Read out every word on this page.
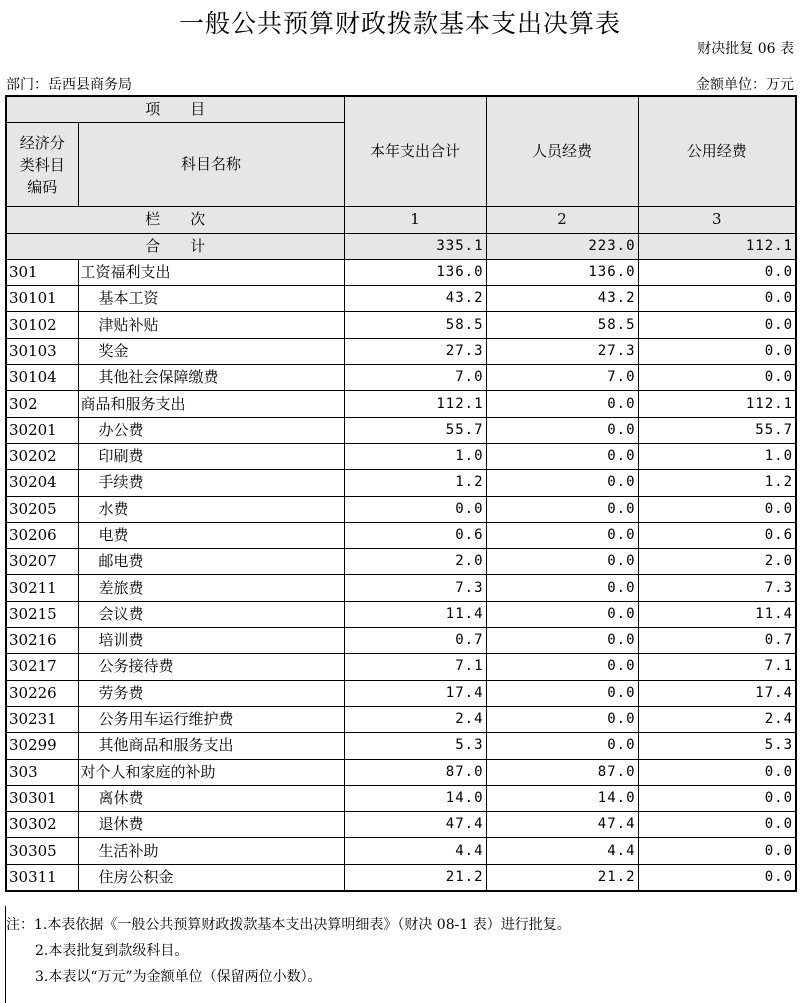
一般公共预算财政拨款基本支出决算表
财决批复 06 表
部门：岳西县商务局	金额单位：万元
项　　目		本年支出合计	人员经费	公用经费
经济分类科目编码	科目名称			
栏　　次		1	2	3
合　　计		335.1	223.0	112.1
301	工资福利支出	136.0	136.0	0.0
30101	基本工资	43.2	43.2	0.0
30102	津贴补贴	58.5	58.5	0.0
30103	奖金	27.3	27.3	0.0
30104	其他社会保障缴费	7.0	7.0	0.0
302	商品和服务支出	112.1	0.0	112.1
30201	办公费	55.7	0.0	55.7
30202	印刷费	1.0	0.0	1.0
30204	手续费	1.2	0.0	1.2
30205	水费	0.0	0.0	0.0
30206	电费	0.6	0.0	0.6
30207	邮电费	2.0	0.0	2.0
30211	差旅费	7.3	0.0	7.3
30215	会议费	11.4	0.0	11.4
30216	培训费	0.7	0.0	0.7
30217	公务接待费	7.1	0.0	7.1
30226	劳务费	17.4	0.0	17.4
30231	公务用车运行维护费	2.4	0.0	2.4
30299	其他商品和服务支出	5.3	0.0	5.3
303	对个人和家庭的补助	87.0	87.0	0.0
30301	离休费	14.0	14.0	0.0
30302	退休费	47.4	47.4	0.0
30305	生活补助	4.4	4.4	0.0
30311	住房公积金	21.2	21.2	0.0
注：1.本表依据《一般公共预算财政拨款基本支出决算明细表》（财决 08-1 表）进行批复。
2.本表批复到款级科目。
3.本表以“万元”为金额单位（保留两位小数）。
